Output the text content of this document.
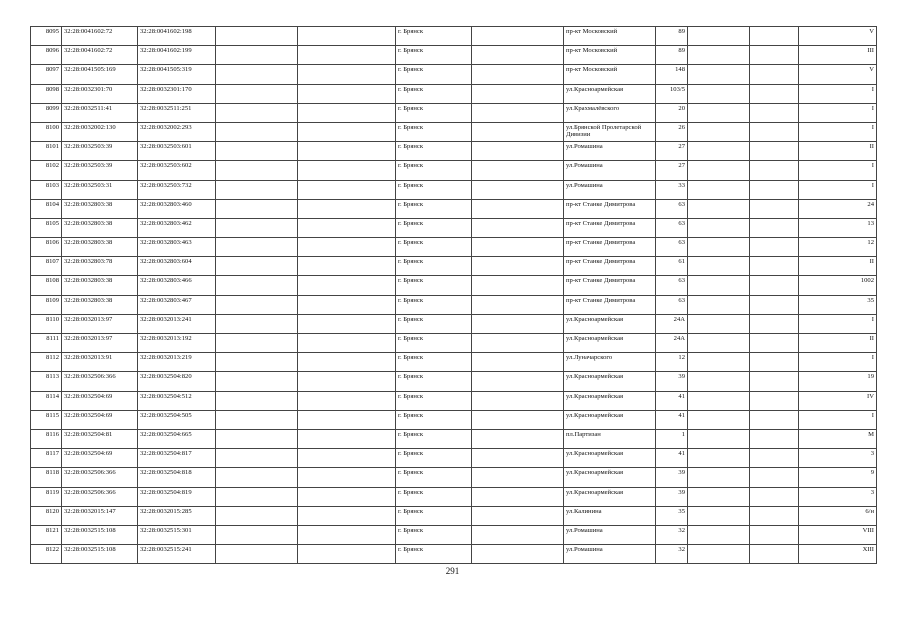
8095	32:28:0041602:72	32:28:0041602:198			г. Брянск		пр-кт Московский	89			V
8096	32:28:0041602:72	32:28:0041602:199			г. Брянск		пр-кт Московский	89			III
8097	32:28:0041505:169	32:28:0041505:319			г. Брянск		пр-кт Московский	148			V
8098	32:28:0032301:70	32:28:0032301:170			г. Брянск		ул.Красноармейская	103/5			I
8099	32:28:0032511:41	32:28:0032511:251			г. Брянск		ул.Крахмалёвского	20			I
8100	32:28:0032002:130	32:28:0032002:293			г. Брянск		ул.Брянской Пролетарской Дивизии	26			I
8101	32:28:0032503:39	32:28:0032503:601			г. Брянск		ул.Ромашина	27			II
8102	32:28:0032503:39	32:28:0032503:602			г. Брянск		ул.Ромашина	27			I
8103	32:28:0032503:31	32:28:0032503:732			г. Брянск		ул.Ромашина	33			I
8104	32:28:0032803:38	32:28:0032803:460			г. Брянск		пр-кт Станке Димитрова	63			24
8105	32:28:0032803:38	32:28:0032803:462			г. Брянск		пр-кт Станке Димитрова	63			13
8106	32:28:0032803:38	32:28:0032803:463			г. Брянск		пр-кт Станке Димитрова	63			12
8107	32:28:0032803:78	32:28:0032803:604			г. Брянск		пр-кт Станке Димитрова	61			II
8108	32:28:0032803:38	32:28:0032803:466			г. Брянск		пр-кт Станке Димитрова	63			1002
8109	32:28:0032803:38	32:28:0032803:467			г. Брянск		пр-кт Станке Димитрова	63			35
8110	32:28:0032013:97	32:28:0032013:241			г. Брянск		ул.Красноармейская	24А			I
8111	32:28:0032013:97	32:28:0032013:192			г. Брянск		ул.Красноармейская	24А			II
8112	32:28:0032013:91	32:28:0032013:219			г. Брянск		ул.Луначарского	12			I
8113	32:28:0032506:366	32:28:0032504:820			г. Брянск		ул.Красноармейская	39			19
8114	32:28:0032504:69	32:28:0032504:512			г. Брянск		ул.Красноармейская	41			IV
8115	32:28:0032504:69	32:28:0032504:505			г. Брянск		ул.Красноармейская	41			I
8116	32:28:0032504:81	32:28:0032504:665			г. Брянск		пл.Партизан	1			М
8117	32:28:0032504:69	32:28:0032504:817			г. Брянск		ул.Красноармейская	41			3
8118	32:28:0032506:366	32:28:0032504:818			г. Брянск		ул.Красноармейская	39			9
8119	32:28:0032506:366	32:28:0032504:819			г. Брянск		ул.Красноармейская	39			3
8120	32:28:0032015:147	32:28:0032015:285			г. Брянск		ул.Калинина	35			6/н
8121	32:28:0032515:108	32:28:0032515:301			г. Брянск		ул.Ромашина	32			VIII
8122	32:28:0032515:108	32:28:0032515:241			г. Брянск		ул.Ромашина	32			XIII
291
